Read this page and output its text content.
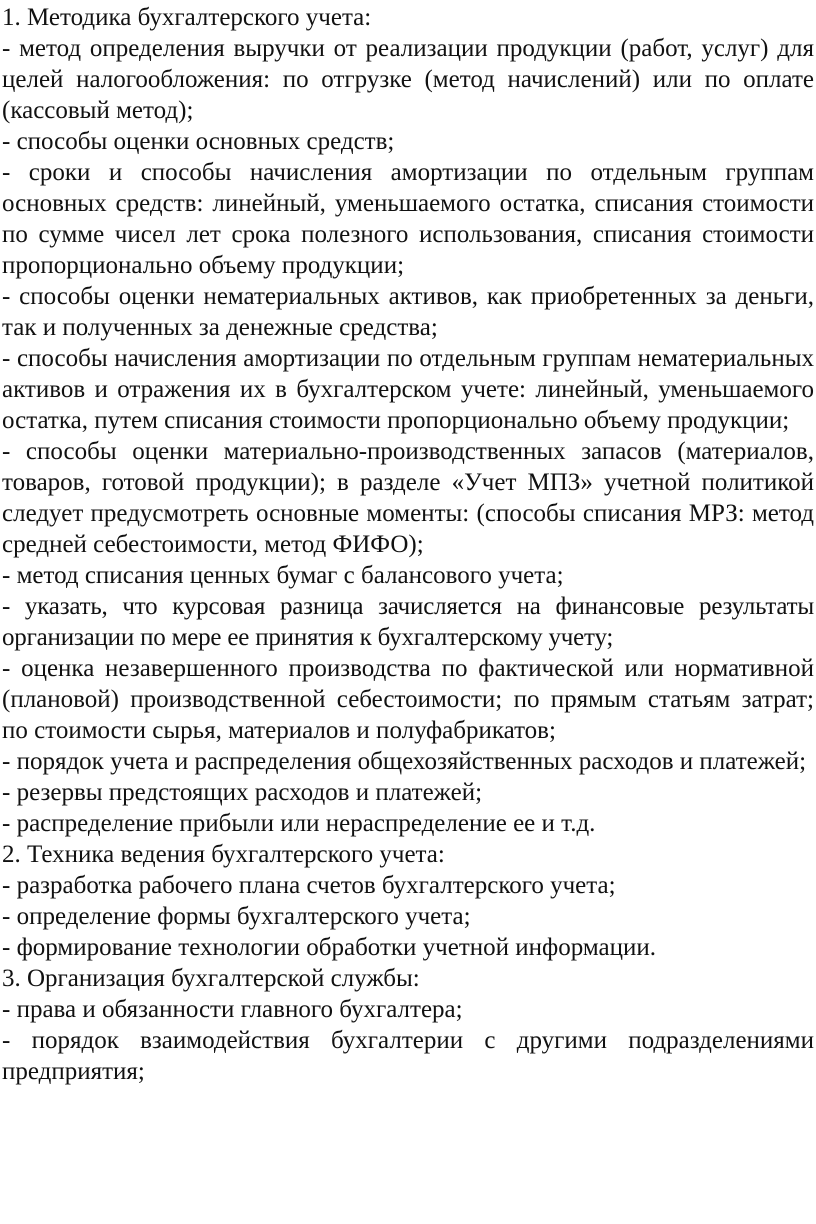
1. Методика бухгалтерского учета:

- метод определения выручки от реализации продукции (работ, услуг) для целей налогообложения: по отгрузке (метод начислений) или по оплате (кассовый метод);

- способы оценки основных средств;

- сроки и способы начисления амортизации по отдельным группам основных средств: линейный, уменьшаемого остатка, списания стоимости по сумме чисел лет срока полезного использования, списания стоимости пропорционально объему продукции;

- способы оценки нематериальных активов, как приобретенных за деньги, так и полученных за денежные средства;

- способы начисления амортизации по отдельным группам нематериальных активов и отражения их в бухгалтерском учете: линейный, уменьшаемого остатка, путем списания стоимости пропорционально объему продукции;

- способы оценки материально-производственных запасов (материалов, товаров, готовой продукции); в разделе «Учет МПЗ» учетной политикой следует предусмотреть основные моменты: (способы списания МРЗ: метод средней себестоимости, метод ФИФО);

- метод списания ценных бумаг с балансового учета;

- указать, что курсовая разница зачисляется на финансовые результаты организации по мере ее принятия к бухгалтерскому учету;

- оценка незавершенного производства по фактической или нормативной (плановой) производственной себестоимости; по прямым статьям затрат; по стоимости сырья, материалов и полуфабрикатов;

- порядок учета и распределения общехозяйственных расходов и платежей;

- резервы предстоящих расходов и платежей;

- распределение прибыли или нераспределение ее и т.д.

2. Техника ведения бухгалтерского учета:

- разработка рабочего плана счетов бухгалтерского учета;

- определение формы бухгалтерского учета;

- формирование технологии обработки учетной информации.

3. Организация бухгалтерской службы:

- права и обязанности главного бухгалтера;

- порядок взаимодействия бухгалтерии с другими подразделениями предприятия;
